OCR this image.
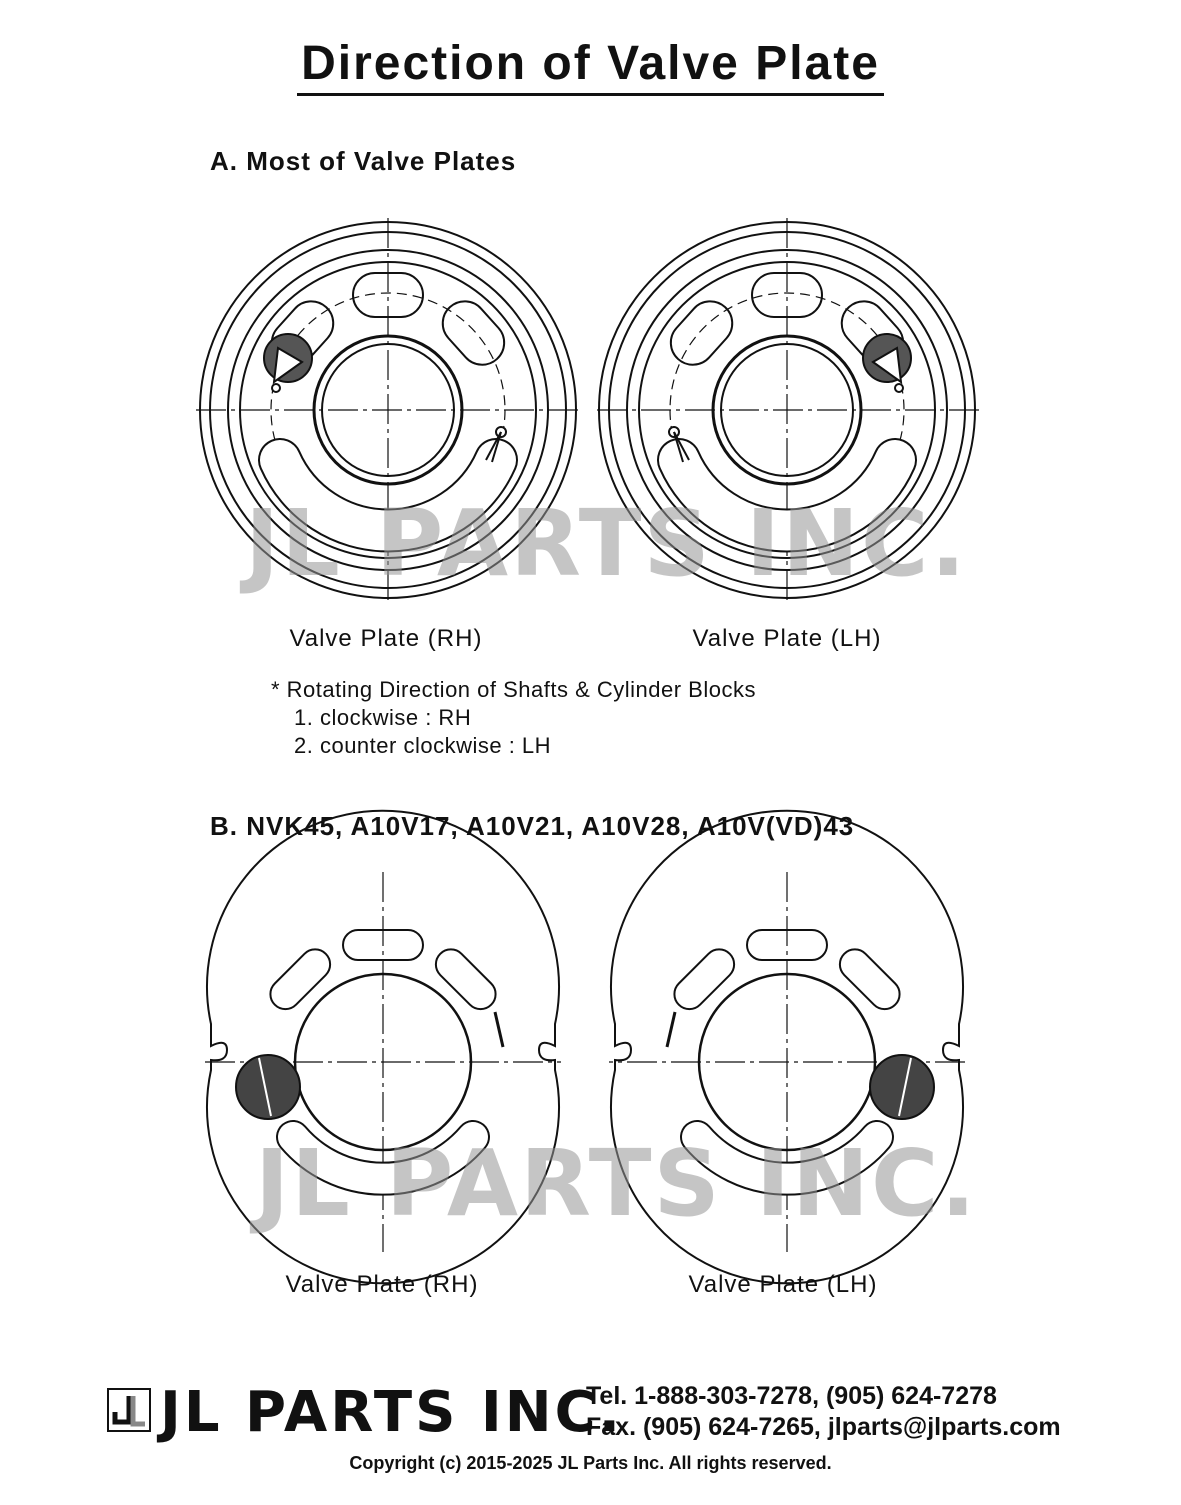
Direction of Valve Plate
A. Most of Valve Plates
JL PARTS INC.
Valve Plate (RH)	Valve Plate (LH)
* Rotating Direction of Shafts & Cylinder Blocks
1. clockwise : RH
2. counter clockwise : LH
B. NVK45, A10V17, A10V21, A10V28, A10V(VD)43
JL PARTS INC.
Valve Plate (RH)	Valve Plate (LH)
JL PARTS INC.
Tel. 1-888-303-7278, (905) 624-7278
Fax. (905) 624-7265, jlparts@jlparts.com
Copyright (c) 2015-2025 JL Parts Inc. All rights reserved.
